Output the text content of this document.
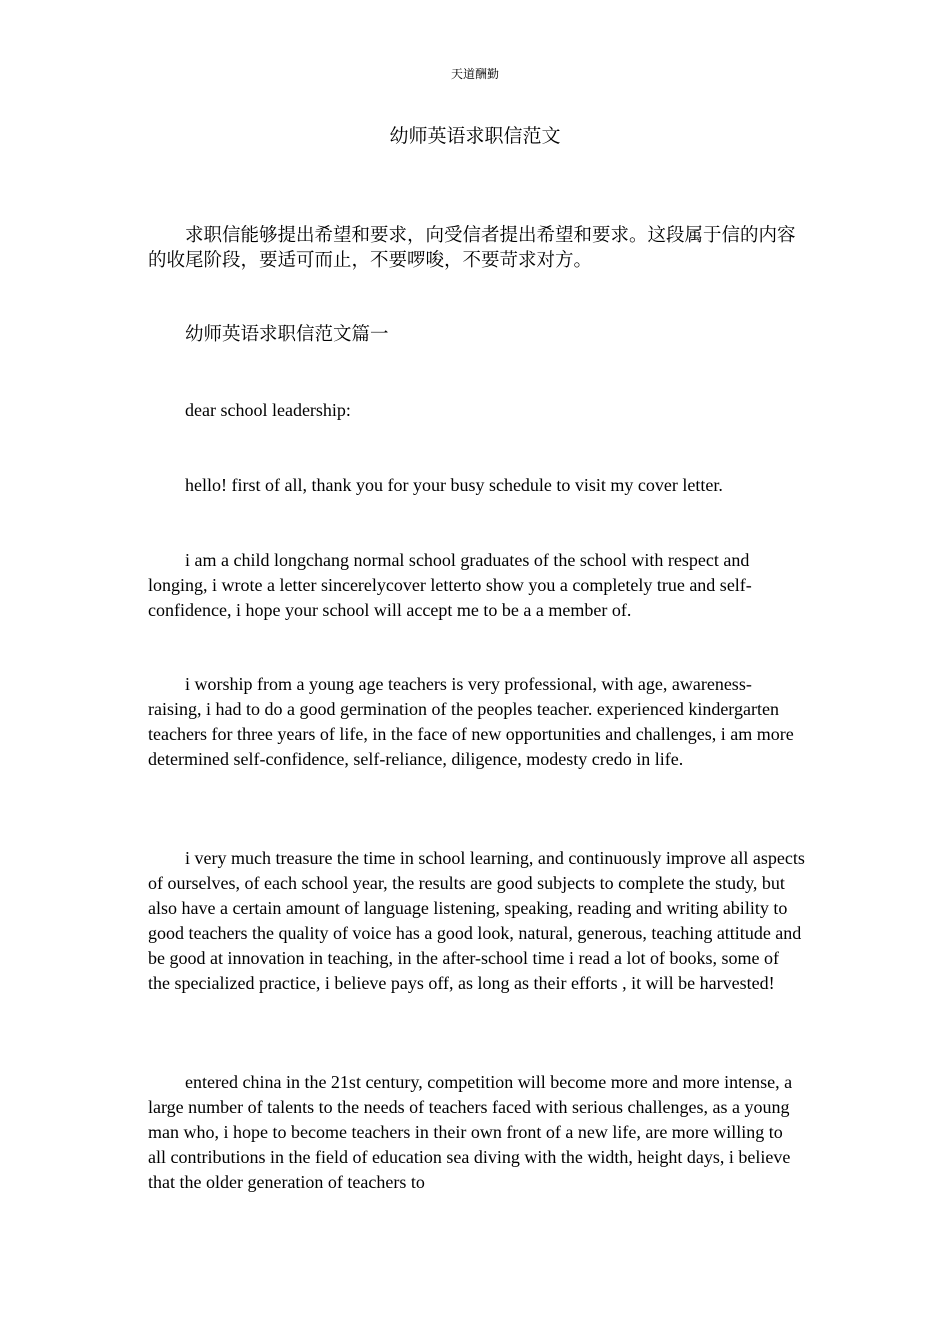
天道酬勤
幼师英语求职信范文

求职信能够提出希望和要求，向受信者提出希望和要求。这段属于信的内容的收尾阶段，要适可而止，不要啰唆，不要苛求对方。

幼师英语求职信范文篇一

dear school leadership:

hello! first of all, thank you for your busy schedule to visit my cover letter.

i am a child longchang normal school graduates of the school with respect and longing, i wrote a letter sincerelycover letterto show you a completely true and self-confidence, i hope your school will accept me to be a a member of.

i worship from a young age teachers is very professional, with age, awareness-raising, i had to do a good germination of the peoples teacher. experienced kindergarten teachers for three years of life, in the face of new opportunities and challenges, i am more determined self-confidence, self-reliance, diligence, modesty credo in life.

i very much treasure the time in school learning, and continuously improve all aspects of ourselves, of each school year, the results are good subjects to complete the study, but also have a certain amount of language listening, speaking, reading and writing ability to good teachers the quality of voice has a good look, natural, generous, teaching attitude and be good at innovation in teaching, in the after-school time i read a lot of books, some of the specialized practice, i believe pays off, as long as their efforts , it will be harvested!

entered china in the 21st century, competition will become more and more intense, a large number of talents to the needs of teachers faced with serious challenges, as a young man who, i hope to become teachers in their own front of a new life, are more willing to all contributions in the field of education sea diving with the width, height days, i believe that the older generation of teachers to
